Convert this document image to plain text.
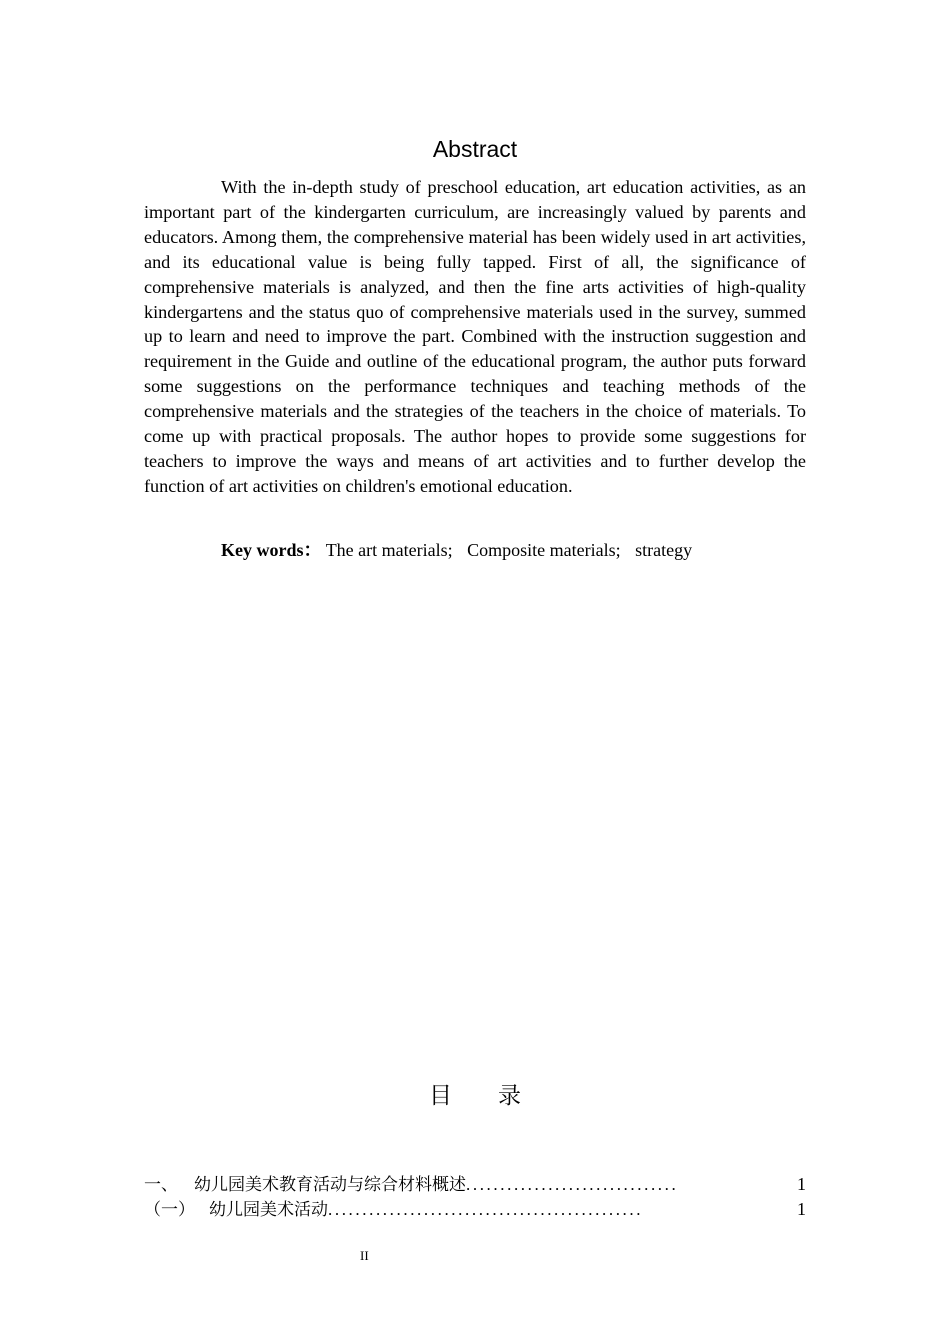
Abstract

With the in-depth study of preschool education, art education activities, as an important part of the kindergarten curriculum, are increasingly valued by parents and educators. Among them, the comprehensive material has been widely used in art activities, and its educational value is being fully tapped. First of all, the significance of comprehensive materials is analyzed, and then the fine arts activities of high-quality kindergartens and the status quo of comprehensive materials used in the survey, summed up to learn and need to improve the part. Combined with the instruction suggestion and requirement in the Guide and outline of the educational program, the author puts forward some suggestions on the performance techniques and teaching methods of the comprehensive materials and the strategies of the teachers in the choice of materials. To come up with practical proposals. The author hopes to provide some suggestions for teachers to improve the ways and means of art activities and to further develop the function of art activities on children's emotional education.

Key words： The art materials; Composite materials; strategy
目录
一、 幼儿园美术教育活动与综合材料概述 ...............................	1
（一） 幼儿园美术活动 ..............................................	1
II
